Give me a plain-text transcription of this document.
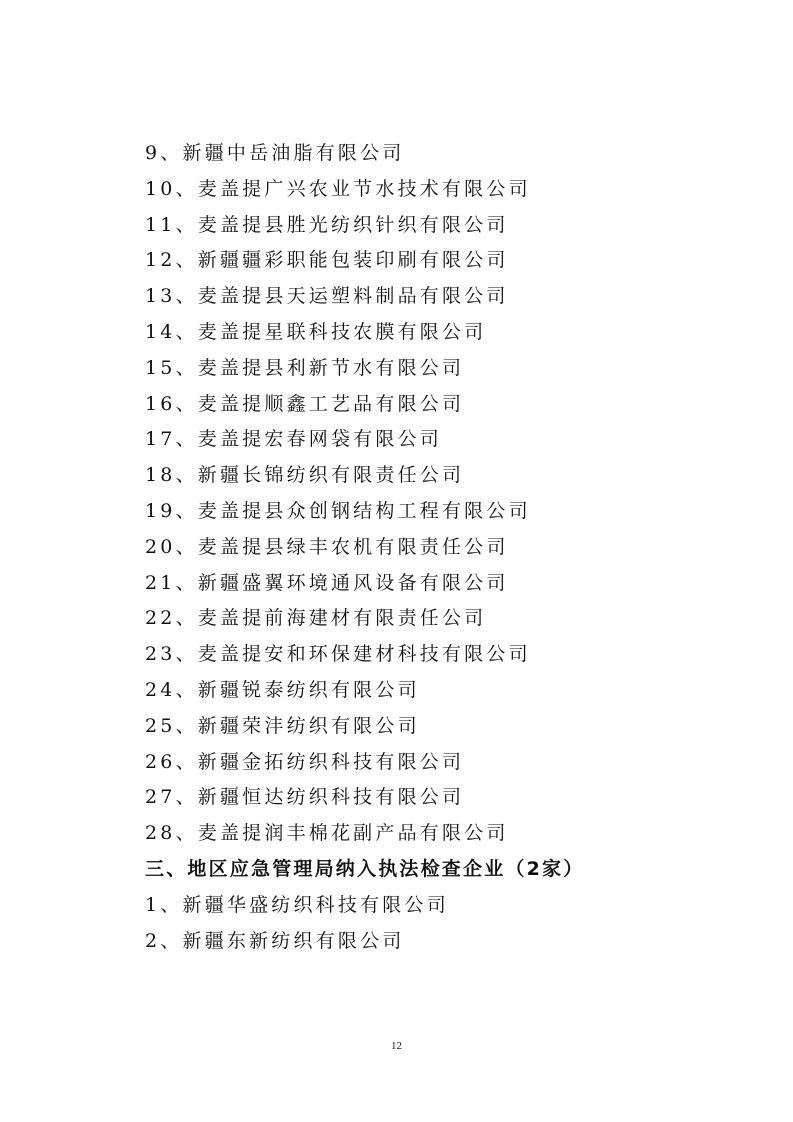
9、新疆中岳油脂有限公司
10、麦盖提广兴农业节水技术有限公司
11、麦盖提县胜光纺织针织有限公司
12、新疆疆彩职能包装印刷有限公司
13、麦盖提县天运塑料制品有限公司
14、麦盖提星联科技农膜有限公司
15、麦盖提县利新节水有限公司
16、麦盖提顺鑫工艺品有限公司
17、麦盖提宏春网袋有限公司
18、新疆长锦纺织有限责任公司
19、麦盖提县众创钢结构工程有限公司
20、麦盖提县绿丰农机有限责任公司
21、新疆盛翼环境通风设备有限公司
22、麦盖提前海建材有限责任公司
23、麦盖提安和环保建材科技有限公司
24、新疆锐泰纺织有限公司
25、新疆荣沣纺织有限公司
26、新疆金拓纺织科技有限公司
27、新疆恒达纺织科技有限公司
28、麦盖提润丰棉花副产品有限公司
三、地区应急管理局纳入执法检查企业（2家）
1、新疆华盛纺织科技有限公司
2、新疆东新纺织有限公司
12
